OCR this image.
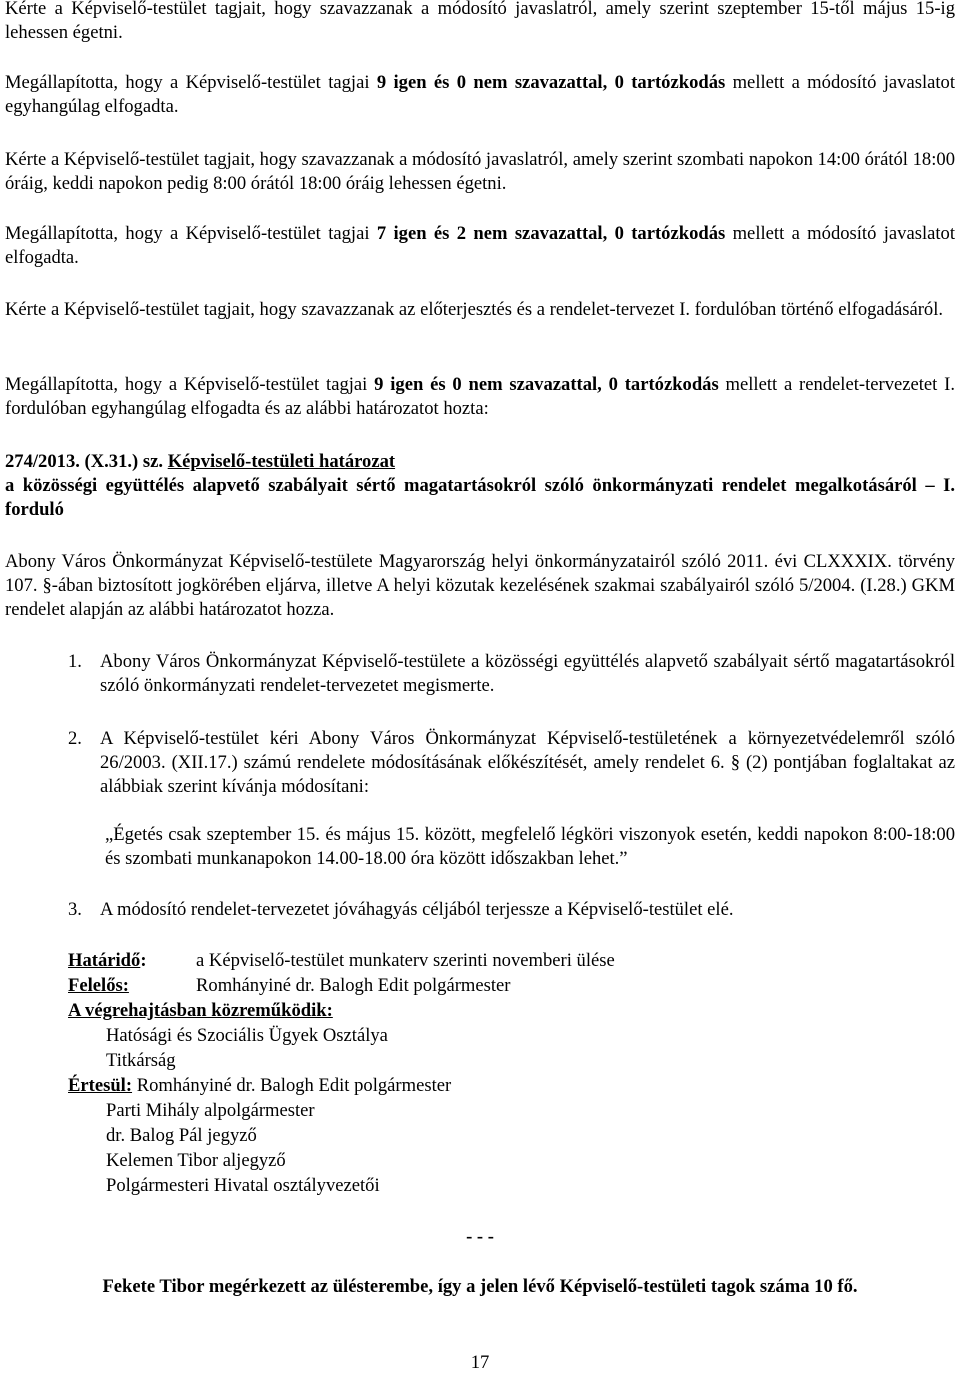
Kérte a Képviselő-testület tagjait, hogy szavazzanak a módosító javaslatról, amely szerint szeptember 15-től május 15-ig lehessen égetni.

Megállapította, hogy a Képviselő-testület tagjai 9 igen és 0 nem szavazattal, 0 tartózkodás mellett a módosító javaslatot egyhangúlag elfogadta.

Kérte a Képviselő-testület tagjait, hogy szavazzanak a módosító javaslatról, amely szerint szombati napokon 14:00 órától 18:00 óráig, keddi napokon pedig 8:00 órától 18:00 óráig lehessen égetni.

Megállapította, hogy a Képviselő-testület tagjai 7 igen és 2 nem szavazattal, 0 tartózkodás mellett a módosító javaslatot elfogadta.

Kérte a Képviselő-testület tagjait, hogy szavazzanak az előterjesztés és a rendelet-tervezet I. fordulóban történő elfogadásáról.

Megállapította, hogy a Képviselő-testület tagjai 9 igen és 0 nem szavazattal, 0 tartózkodás mellett a rendelet-tervezetet I. fordulóban egyhangúlag elfogadta és az alábbi határozatot hozta:

274/2013. (X.31.) sz. Képviselő-testületi határozat

a közösségi együttélés alapvető szabályait sértő magatartásokról szóló önkormányzati rendelet megalkotásáról – I. forduló

Abony Város Önkormányzat Képviselő-testülete Magyarország helyi önkormányzatairól szóló 2011. évi CLXXXIX. törvény 107. §-ában biztosított jogkörében eljárva, illetve A helyi közutak kezelésének szakmai szabályairól szóló 5/2004. (I.28.) GKM rendelet alapján az alábbi határozatot hozza.

1. Abony Város Önkormányzat Képviselő-testülete a közösségi együttélés alapvető szabályait sértő magatartásokról szóló önkormányzati rendelet-tervezetet megismerte.

2. A Képviselő-testület kéri Abony Város Önkormányzat Képviselő-testületének a környezetvédelemről szóló 26/2003. (XII.17.) számú rendelete módosításának előkészítését, amely rendelet 6. § (2) pontjában foglaltakat az alábbiak szerint kívánja módosítani:

„Égetés csak szeptember 15. és május 15. között, megfelelő légköri viszonyok esetén, keddi napokon 8:00-18:00 és szombati munkanapokon 14.00-18.00 óra között időszakban lehet.”

3. A módosító rendelet-tervezetet jóváhagyás céljából terjessze a Képviselő-testület elé.

Határidő:	a Képviselő-testület munkaterv szerinti novemberi ülése
Felelős:	Romhányiné dr. Balogh Edit polgármester
A végrehajtásban közreműködik:
Hatósági és Szociális Ügyek Osztálya
Titkárság
Értesül: Romhányiné dr. Balogh Edit polgármester
Parti Mihály alpolgármester
dr. Balog Pál jegyző
Kelemen Tibor aljegyző
Polgármesteri Hivatal osztályvezetői
- - -
Fekete Tibor megérkezett az ülésterembe, így a jelen lévő Képviselő-testületi tagok száma 10 fő.
17
